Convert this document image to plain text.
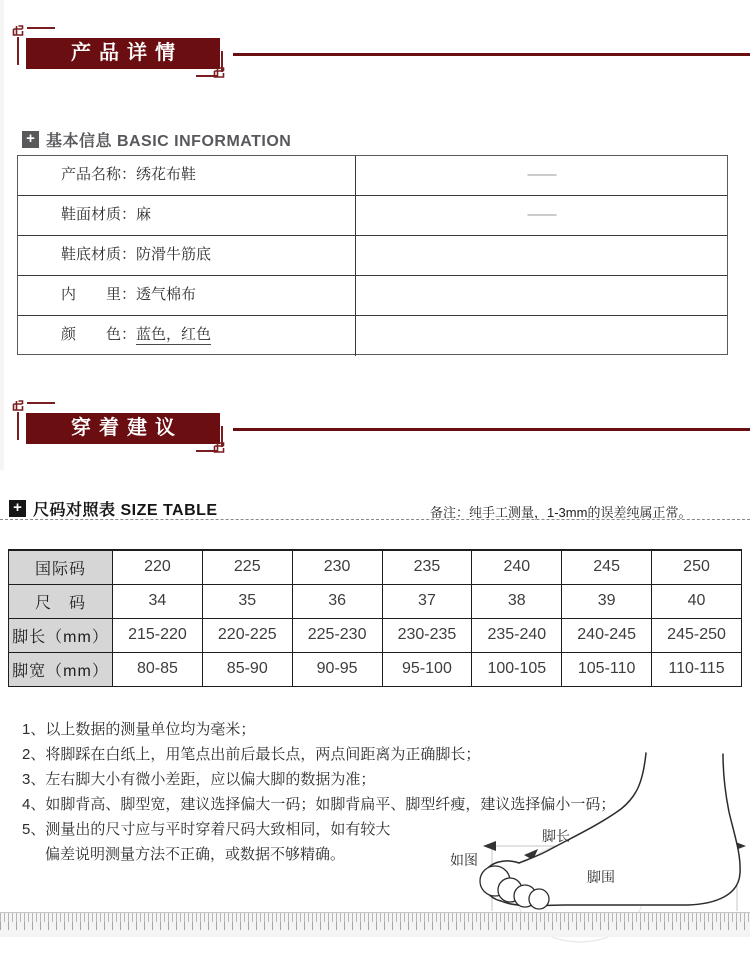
产品详情
+ 基本信息 BASIC INFORMATION
产品名称：绣花布鞋	——
鞋面材质：麻	——
鞋底材质：防滑牛筋底
内　　里：透气棉布
颜　　色：蓝色，红色
穿着建议
+ 尺码对照表 SIZE TABLE	备注：纯手工测量，1-3mm的误差纯属正常。
国际码	220	225	230	235	240	245	250
尺　码	34	35	36	37	38	39	40
脚长（mm）	215-220	220-225	225-230	230-235	235-240	240-245	245-250
脚宽（mm）	80-85	85-90	90-95	95-100	100-105	105-110	110-115
1、以上数据的测量单位均为毫米；
2、将脚踩在白纸上，用笔点出前后最长点，两点间距离为正确脚长；
3、左右脚大小有微小差距，应以偏大脚的数据为准；
4、如脚背高、脚型宽，建议选择偏大一码；如脚背扁平、脚型纤瘦，建议选择偏小一码；
5、测量出的尺寸应与平时穿着尺码大致相同，如有较大
偏差说明测量方法不正确，或数据不够精确。	如图
脚长
脚围
